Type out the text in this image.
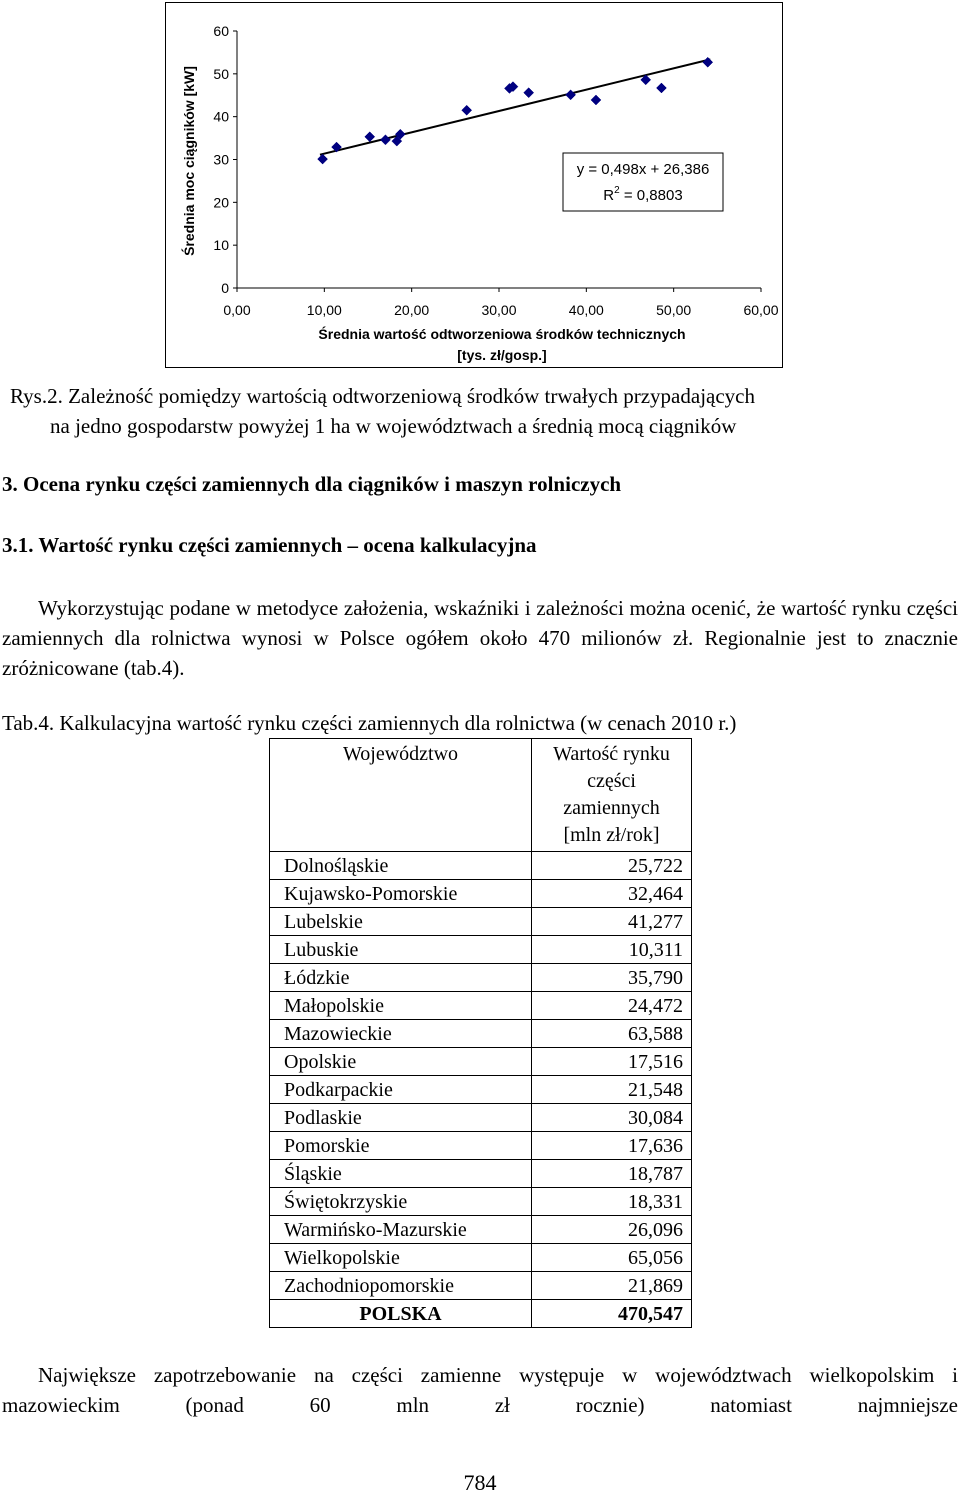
0
10
20
30
40
50
60
0,00	10,00	20,00	30,00	40,00	50,00	60,00
Średnia moc ciągników [kW]
Średnia wartość odtworzeniowa środków technicznych
[tys. zł/gosp.]
y = 0,498x + 26,386
$R^2 = 0,8803$
Rys.2. Zależność pomiędzy wartością odtworzeniową środków trwałych przypadających
na jedno gospodarstw powyżej 1 ha w województwach a średnią mocą ciągników
3. Ocena rynku części zamiennych dla ciągników i maszyn rolniczych
3.1. Wartość rynku części zamiennych – ocena kalkulacyjna
Wykorzystując podane w metodyce założenia, wskaźniki i zależności można ocenić, że wartość rynku części zamiennych dla rolnictwa wynosi w Polsce ogółem około 470 milionów zł. Regionalnie jest to znacznie zróżnicowane (tab.4).
Tab.4. Kalkulacyjna wartość rynku części zamiennych dla rolnictwa (w cenach 2010 r.)
Województwo	Wartość rynku
części
zamiennych
[mln zł/rok]

Dolnośląskie	25,722
Kujawsko-Pomorskie	32,464
Lubelskie	41,277
Lubuskie	10,311
Łódzkie	35,790
Małopolskie	24,472
Mazowieckie	63,588
Opolskie	17,516
Podkarpackie	21,548
Podlaskie	30,084
Pomorskie	17,636
Śląskie	18,787
Świętokrzyskie	18,331
Warmińsko-Mazurskie	26,096
Wielkopolskie	65,056
Zachodniopomorskie	21,869
POLSKA	470,547
Największe zapotrzebowanie na części zamienne występuje w województwach wielkopolskim i mazowieckim (ponad 60 mln zł rocznie) natomiast najmniejsze
784
